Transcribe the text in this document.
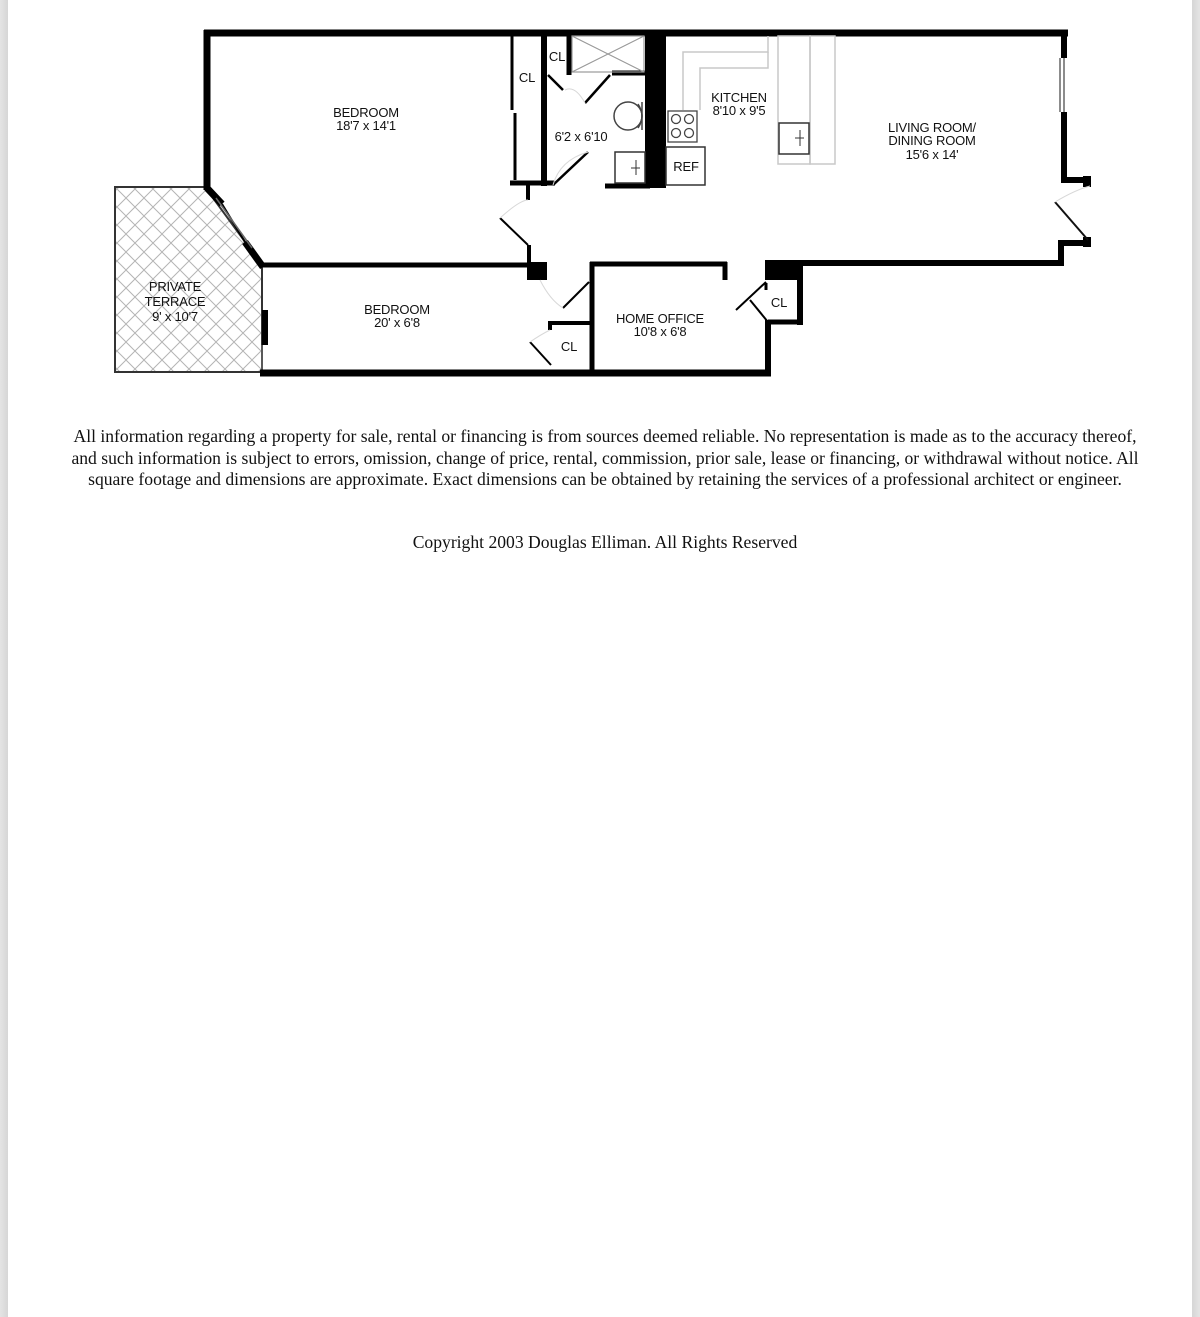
BEDROOM
18'7 x 14'1
BEDROOM
20' x 6'8
PRIVATE
TERRACE
9' x 10'7
6'2 x 6'10
KITCHEN
8'10 x 9'5
LIVING ROOM/
DINING ROOM
15'6 x 14'
HOME OFFICE
10'8 x 6'8
CL
CL
CL
CL
REF
All information regarding a property for sale, rental or financing is from sources deemed reliable. No representation is made as to the accuracy thereof, and such information is subject to errors, omission, change of price, rental, commission, prior sale, lease or financing, or withdrawal without notice. All square footage and dimensions are approximate. Exact dimensions can be obtained by retaining the services of a professional architect or engineer.
Copyright 2003 Douglas Elliman. All Rights Reserved
